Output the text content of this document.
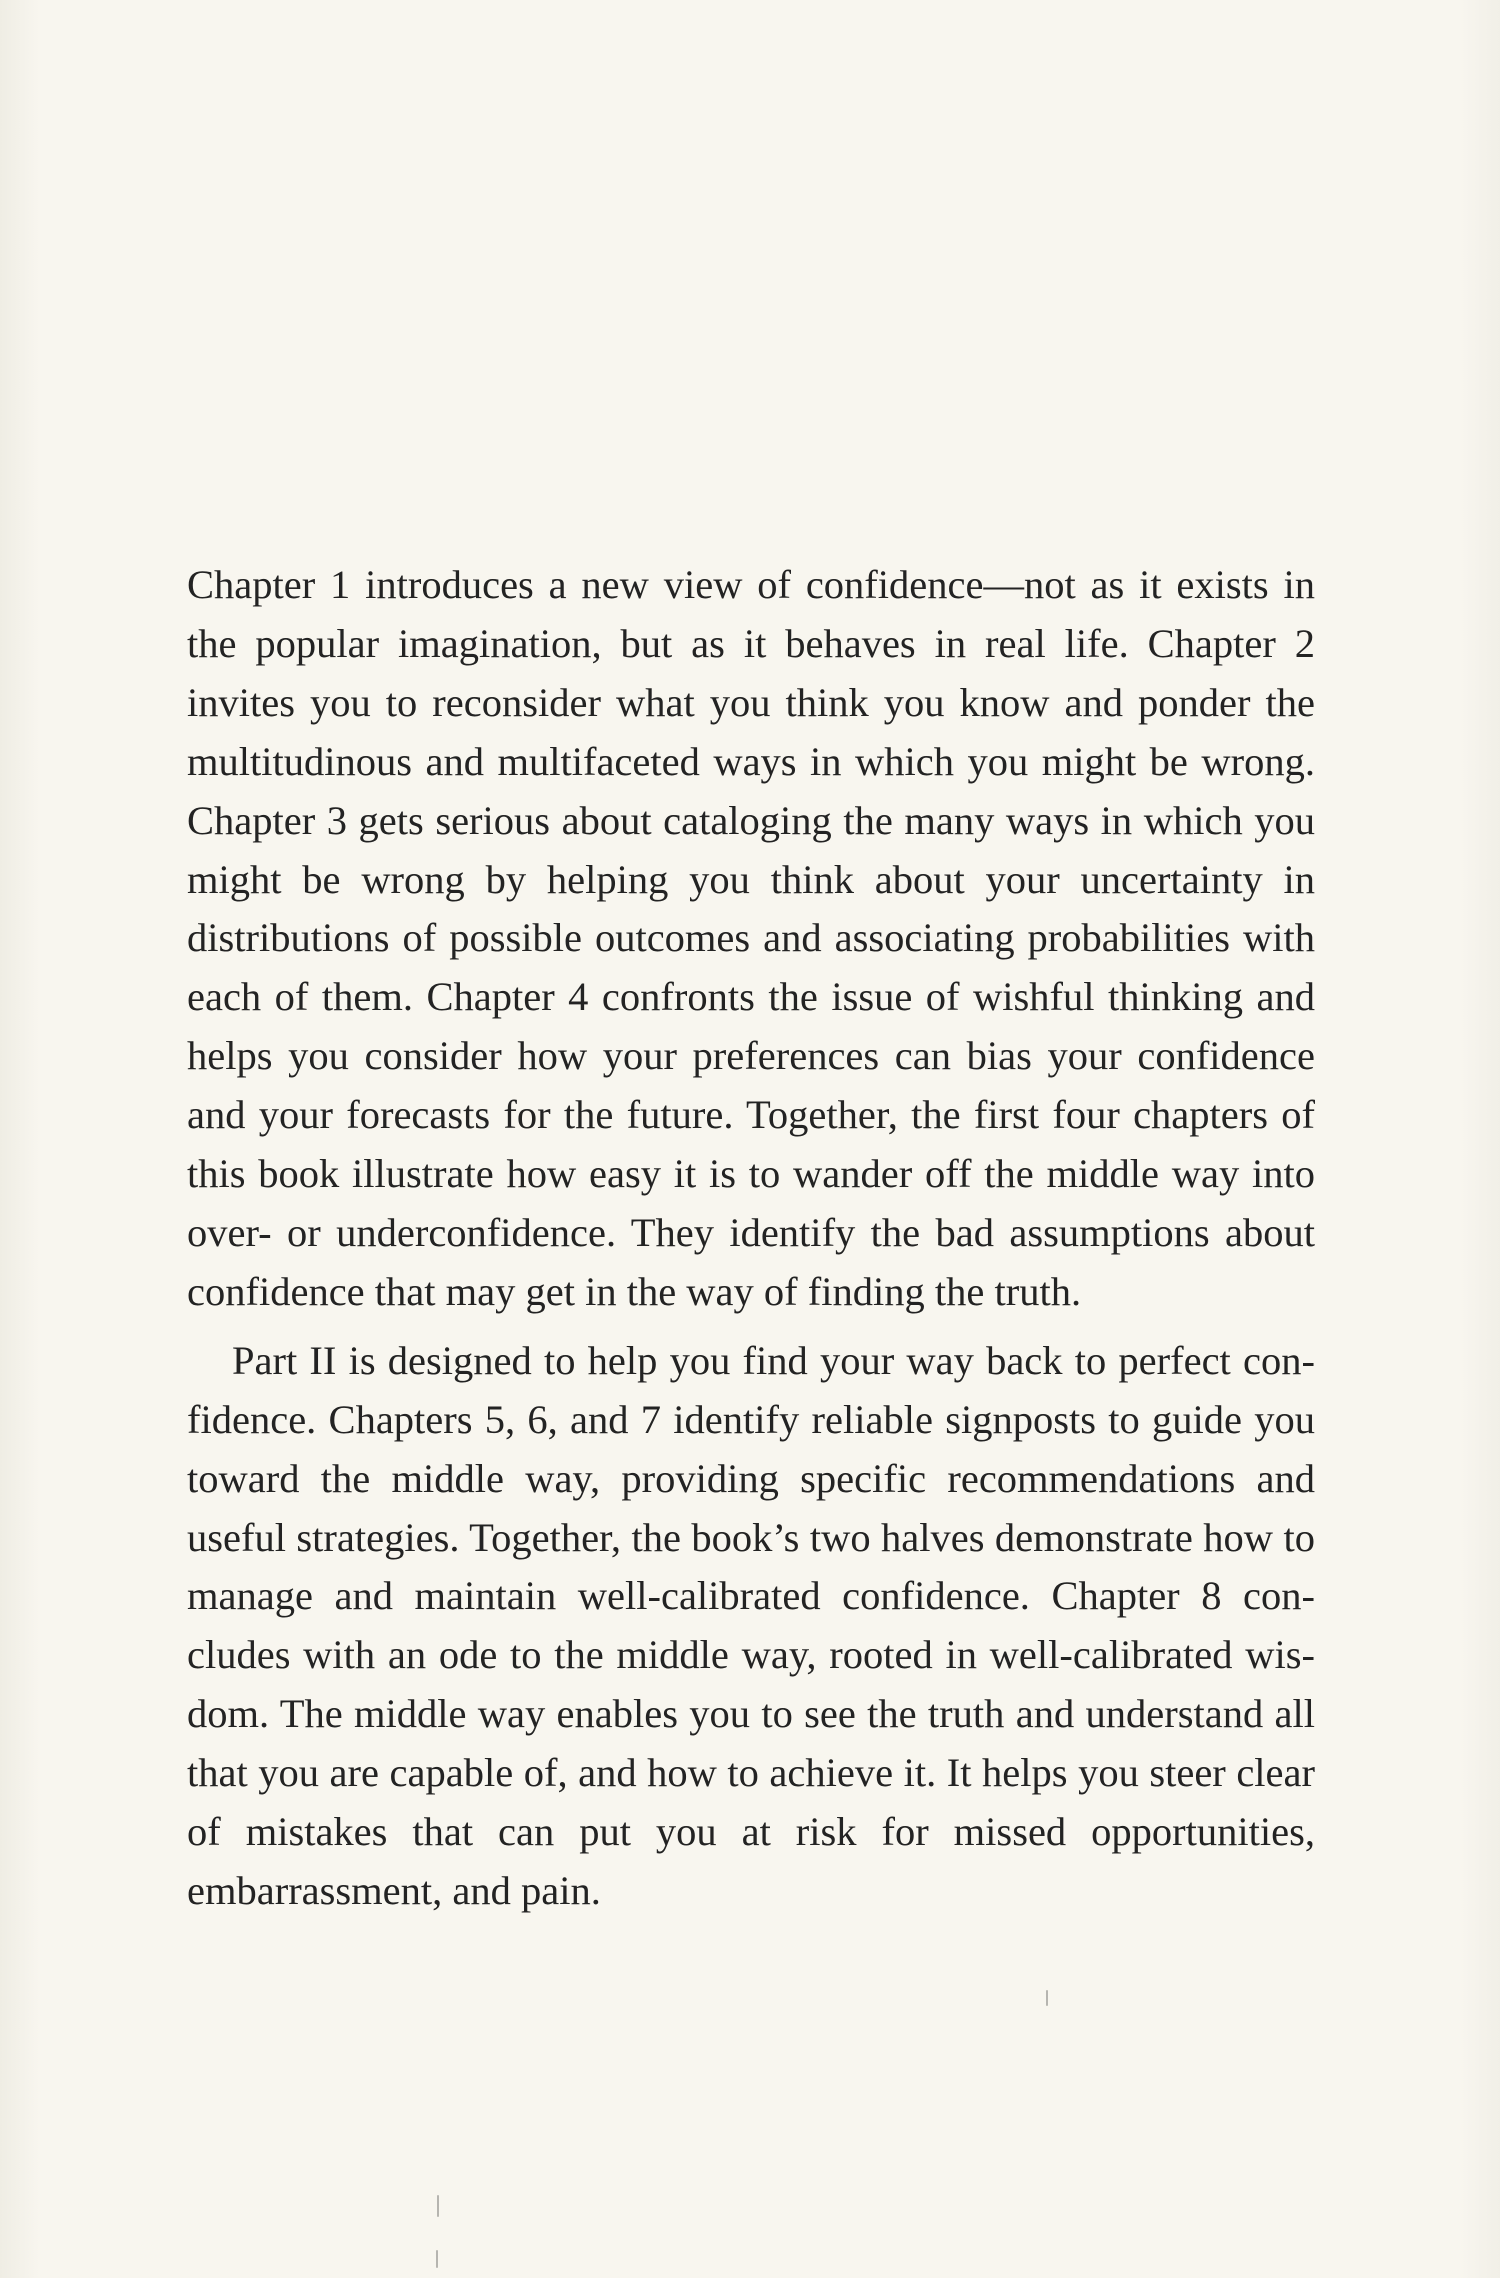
Chapter 1 introduces a new view of confidence—not as it exists in the popular imagination, but as it behaves in real life. Chapter 2 invites you to reconsider what you think you know and ponder the multitudinous and multifaceted ways in which you might be wrong. Chapter 3 gets serious about cataloging the many ways in which you might be wrong by helping you think about your uncertainty in distributions of possible outcomes and associating probabilities with each of them. Chapter 4 confronts the issue of wishful thinking and helps you consider how your preferences can bias your confidence and your forecasts for the future. Together, the first four chapters of this book illustrate how easy it is to wander off the middle way into over- or underconfidence. They identify the bad assumptions about confidence that may get in the way of finding the truth.

Part II is designed to help you find your way back to perfect confidence. Chapters 5, 6, and 7 identify reliable signposts to guide you toward the middle way, providing specific recommendations and useful strategies. Together, the book’s two halves demonstrate how to manage and maintain well-calibrated confidence. Chapter 8 concludes with an ode to the middle way, rooted in well-calibrated wisdom. The middle way enables you to see the truth and understand all that you are capable of, and how to achieve it. It helps you steer clear of mistakes that can put you at risk for missed opportunities, embarrassment, and pain.
